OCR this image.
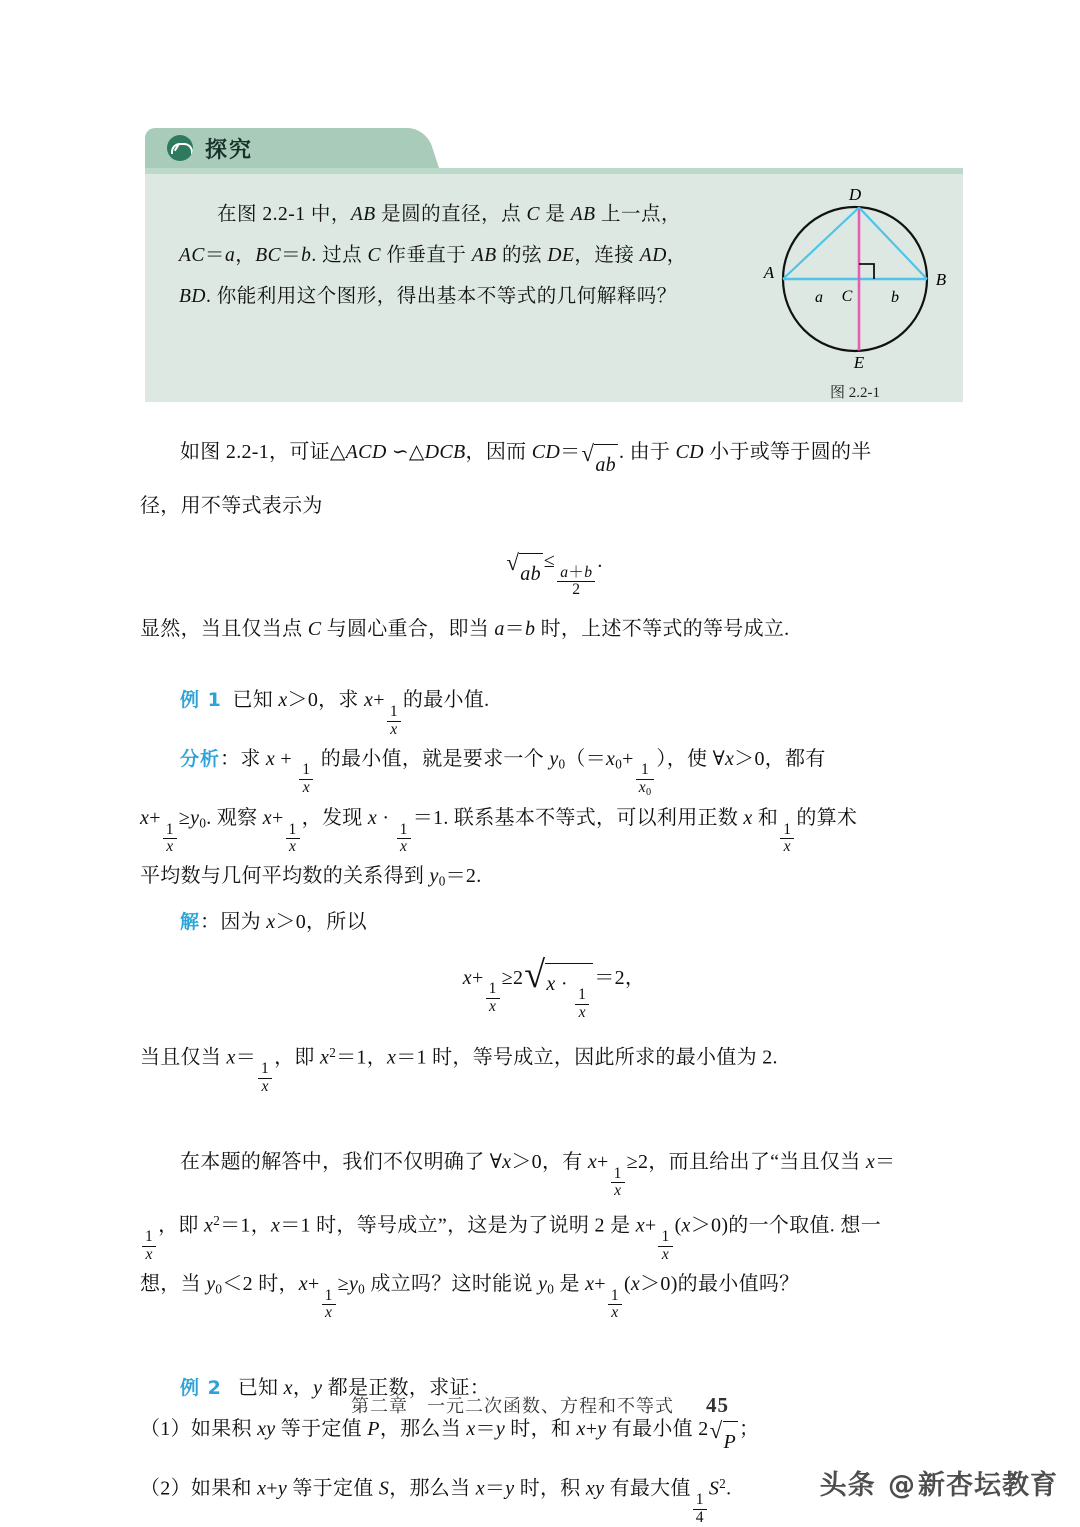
探究

在图 2.2-1 中，AB 是圆的直径，点 C 是 AB 上一点，

AC＝a，BC＝b. 过点 C 作垂直于 AB 的弦 DE，连接 AD，

BD. 你能利用这个图形，得出基本不等式的几何解释吗？

D
A	B
E
C
a	b
图 2.2-1

如图 2.2-1，可证△ACD ∽△DCB，因而 CD＝ √ ab
. 由于 CD 小于或等于圆的半

径，用不等式表示为

√ ab
≤
$\frac{a+b}{2}$
.

显然，当且仅当点 C 与圆心重合，即当 a＝b 时，上述不等式的等号成立.

例 1  已知 x＞0，求 x+
$\frac{1}{x}$
的最小值.

分析：求 x +
$\frac{1}{x}$
的最小值，就是要求一个 $y_0(=x_0+$
$\frac{1}{x_0}$
），使 ∀x＞0，都有

x+
$\frac{1}{x}$
$\ge y_0$. 观察 x+
$\frac{1}{x}$
，发现 x ·
$\frac{1}{x}$
＝1. 联系基本不等式，可以利用正数 x 和
$\frac{1}{x}$
的算术

平均数与几何平均数的关系得到 $y_0=2$.

解：因为 x＞0，所以

x+
$\frac{1}{x}$
≥2 √ x ·
$\frac{1}{x}$
＝2，

当且仅当 x＝
$\frac{1}{x}$
，即 $x^2=1$，x＝1 时，等号成立，因此所求的最小值为 2.

在本题的解答中，我们不仅明确了 ∀x＞0，有 x+
$\frac{1}{x}$
≥2，而且给出了“当且仅当 x＝

$\frac{1}{x}$
，即 $x^2=1$，x＝1 时，等号成立”，这是为了说明 2 是 x+
$\frac{1}{x}$
(x＞0)的一个取值. 想一

想，当 $y_0<2$ 时，x+
$\frac{1}{x}$
$\ge y_0$ 成立吗？这时能说 $y_0$ 是 x+
$\frac{1}{x}$
(x＞0)的最小值吗？

例 2   已知 x，y 都是正数，求证：

（1）如果积 xy 等于定值 P，那么当 x＝y 时，和 x+y 有最小值 2 √ P
；

（2）如果和 x+y 等于定值 S，那么当 x＝y 时，积 xy 有最大值
$\frac{1}{4}$
$S^2$.

第二章　一元二次函数、方程和不等式 45
头条 @新杏坛教育
